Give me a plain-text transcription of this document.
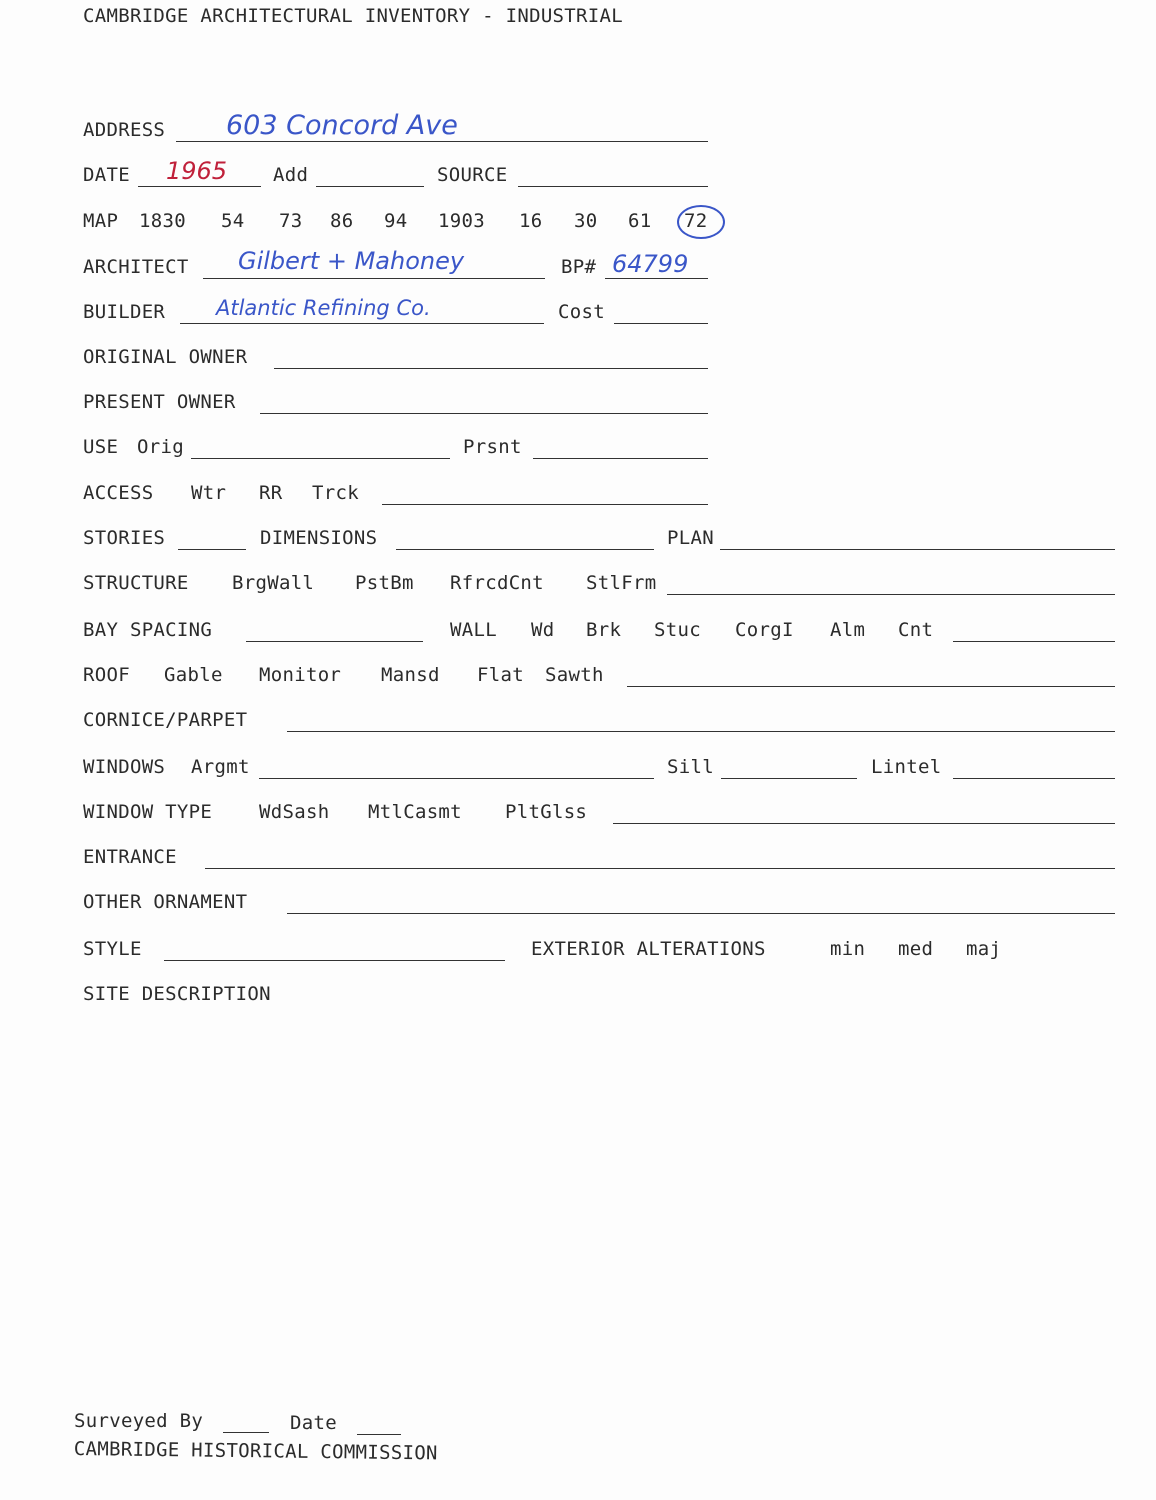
CAMBRIDGE ARCHITECTURAL INVENTORY - INDUSTRIAL
ADDRESS 603 Concord Ave
DATE 1965 Add	SOURCE
MAP 1830 54 73 86 94 1903 16 30 61 72
ARCHITECT Gilbert + Mahoney	BP# 64799
BUILDER Atlantic Refining Co.	Cost
ORIGINAL OWNER
PRESENT OWNER
USE Orig	Prsnt
ACCESS Wtr RR Trck
STORIES	DIMENSIONS	PLAN
STRUCTURE BrgWall PstBm RfrcdCnt StlFrm
BAY SPACING	WALL Wd Brk Stuc CorgI Alm Cnt
ROOF Gable Monitor Mansd Flat Sawth
CORNICE/PARPET
WINDOWS Argmt	Sill	Lintel
WINDOW TYPE WdSash MtlCasmt PltGlss
ENTRANCE
OTHER ORNAMENT
STYLE	EXTERIOR ALTERATIONS	min med maj
SITE DESCRIPTION
Surveyed By	Date
CAMBRIDGE HISTORICAL COMMISSION
